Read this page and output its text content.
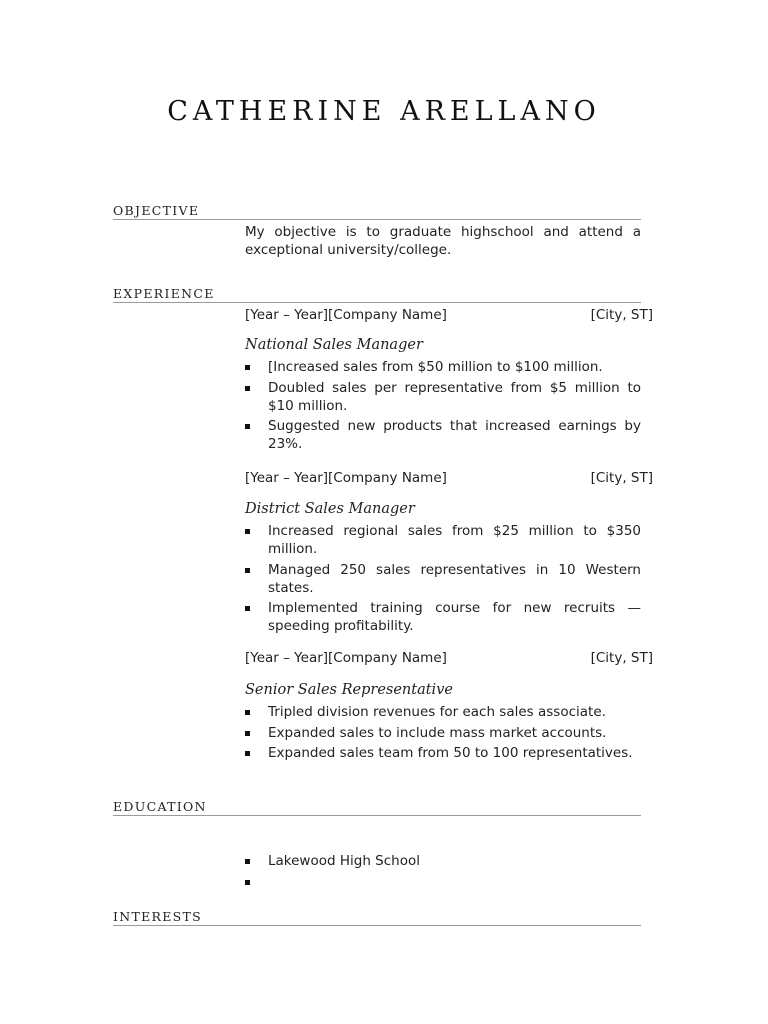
CATHERINE ARELLANO
OBJECTIVE
My objective is to graduate highschool and attend a exceptional university/college.
EXPERIENCE
[Year – Year][Company Name]	[City, ST]
National Sales Manager
[Increased sales from $50 million to $100 million.
Doubled sales per representative from $5 million to $10 million.
Suggested new products that increased earnings by 23%.
[Year – Year][Company Name]	[City, ST]
District Sales Manager
Increased regional sales from $25 million to $350 million.
Managed 250 sales representatives in 10 Western states.
Implemented training course for new recruits — speeding profitability.
[Year – Year][Company Name]	[City, ST]
Senior Sales Representative
Tripled division revenues for each sales associate.
Expanded sales to include mass market accounts.
Expanded sales team from 50 to 100 representatives.
EDUCATION
Lakewood High School
INTERESTS
